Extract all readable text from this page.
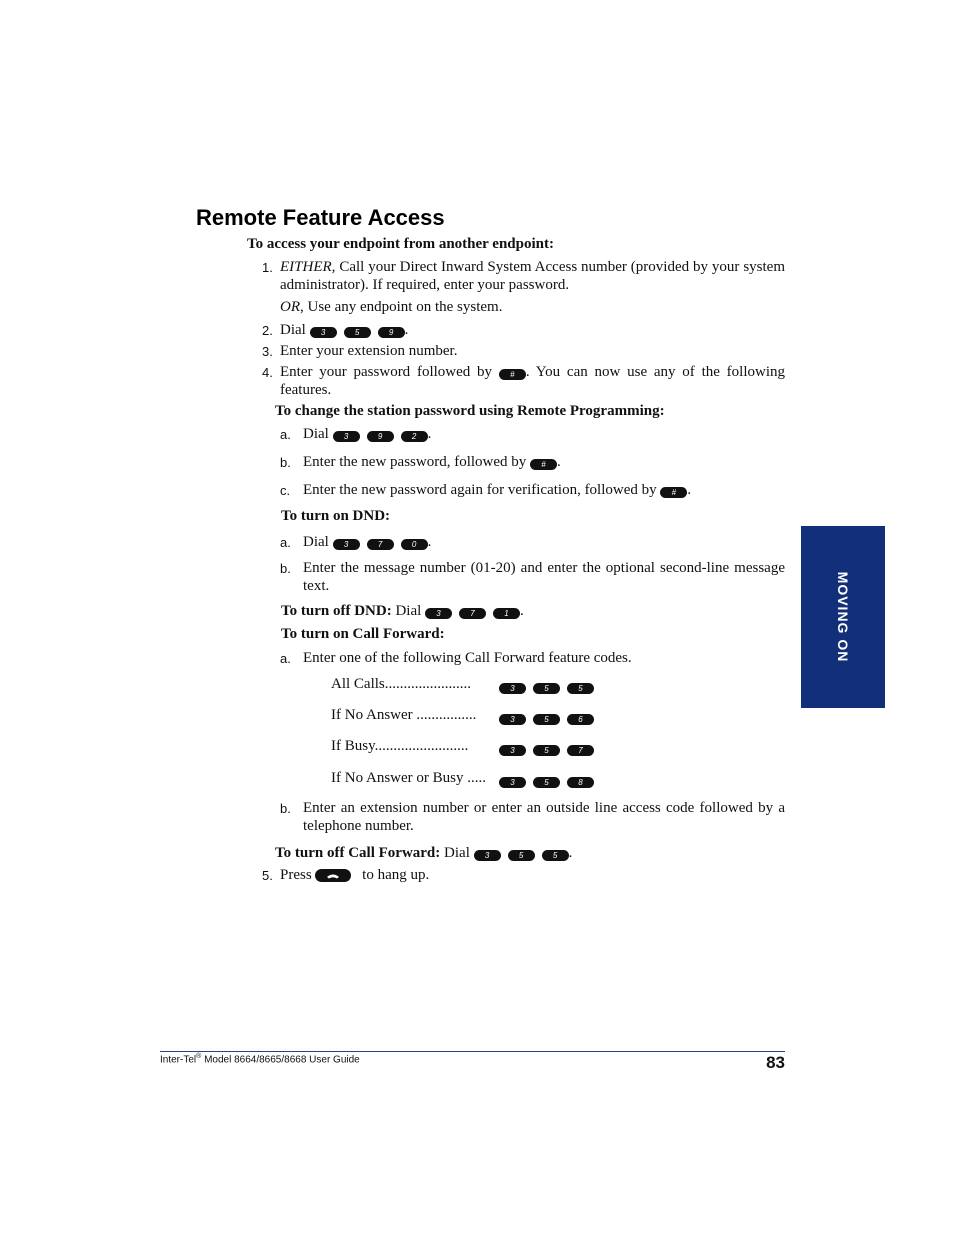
Remote Feature Access
To access your endpoint from another endpoint:
1. EITHER, Call your Direct Inward System Access number (provided by your system administrator). If required, enter your password.
OR, Use any endpoint on the system.
2. Dial 3	5	9 .
3. Enter your extension number.
4. Enter your password followed by # . You can now use any of the following features.
To change the station password using Remote Programming:
a. Dial 3	9	2 .
b. Enter the new password, followed by # .
c. Enter the new password again for verification, followed by # .
To turn on DND:
a. Dial 3	7	0 .
b. Enter the message number (01-20) and enter the optional second-line message text.
To turn off DND: Dial 3	7	1 .
To turn on Call Forward:
a. Enter one of the following Call Forward feature codes.
All Calls.......................	3	5	5
If No Answer ................	3	5	6
If Busy.........................	3	5	7
If No Answer or Busy .....	3	5	8
b. Enter an extension number or enter an outside line access code followed by a telephone number.
To turn off Call Forward: Dial 3	5	5 .
5. Press	to hang up.
MOVING ON
Inter-Tel® Model 8664/8665/8668 User Guide	83
